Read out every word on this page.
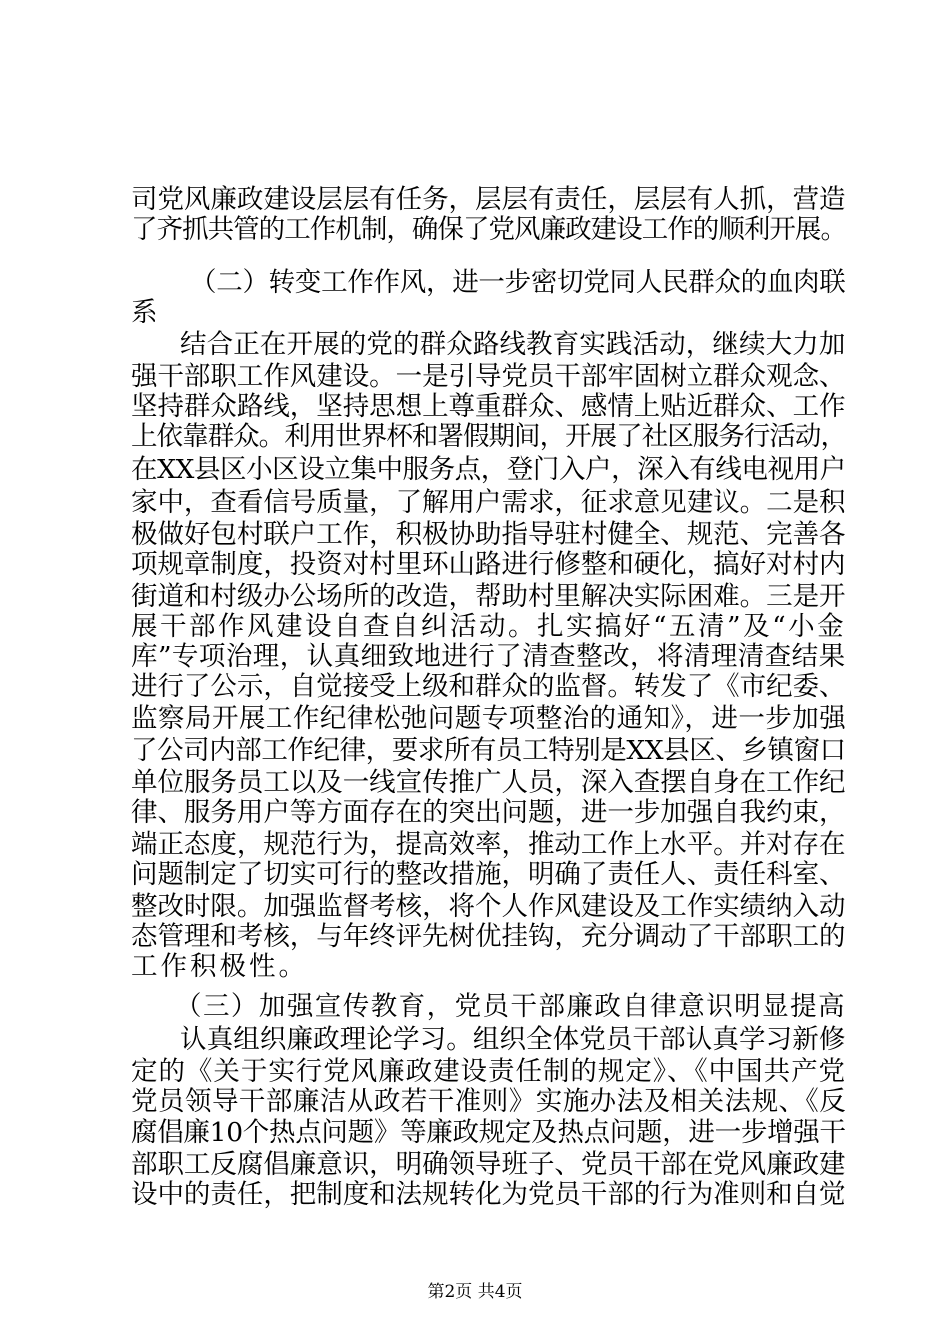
司党风廉政建设层层有任务，层层有责任，层层有人抓，营造
了齐抓共管的工作机制，确保了党风廉政建设工作的顺利开展。
（二）转变工作作风，进一步密切党同人民群众的血肉联
系
结合正在开展的党的群众路线教育实践活动，继续大力加
强干部职工作风建设。一是引导党员干部牢固树立群众观念、
坚持群众路线，坚持思想上尊重群众、感情上贴近群众、工作
上依靠群众。利用世界杯和署假期间，开展了社区服务行活动，
在XX县区小区设立集中服务点，登门入户，深入有线电视用户
家中，查看信号质量，了解用户需求，征求意见建议。二是积
极做好包村联户工作，积极协助指导驻村健全、规范、完善各
项规章制度，投资对村里环山路进行修整和硬化，搞好对村内
街道和村级办公场所的改造，帮助村里解决实际困难。三是开
展干部作风建设自查自纠活动。扎实搞好“五清”及“小金
库”专项治理，认真细致地进行了清查整改，将清理清查结果
进行了公示，自觉接受上级和群众的监督。转发了《市纪委、
监察局开展工作纪律松弛问题专项整治的通知》，进一步加强
了公司内部工作纪律，要求所有员工特别是XX县区、乡镇窗口
单位服务员工以及一线宣传推广人员，深入查摆自身在工作纪
律、服务用户等方面存在的突出问题，进一步加强自我约束，
端正态度，规范行为，提高效率，推动工作上水平。并对存在
问题制定了切实可行的整改措施，明确了责任人、责任科室、
整改时限。加强监督考核，将个人作风建设及工作实绩纳入动
态管理和考核，与年终评先树优挂钩，充分调动了干部职工的
工作积极性。
（三）加强宣传教育，党员干部廉政自律意识明显提高
认真组织廉政理论学习。组织全体党员干部认真学习新修
定的《关于实行党风廉政建设责任制的规定》、《中国共产党
党员领导干部廉洁从政若干准则》实施办法及相关法规、《反
腐倡廉10个热点问题》等廉政规定及热点问题，进一步增强干
部职工反腐倡廉意识，明确领导班子、党员干部在党风廉政建
设中的责任，把制度和法规转化为党员干部的行为准则和自觉
第2页 共4页
